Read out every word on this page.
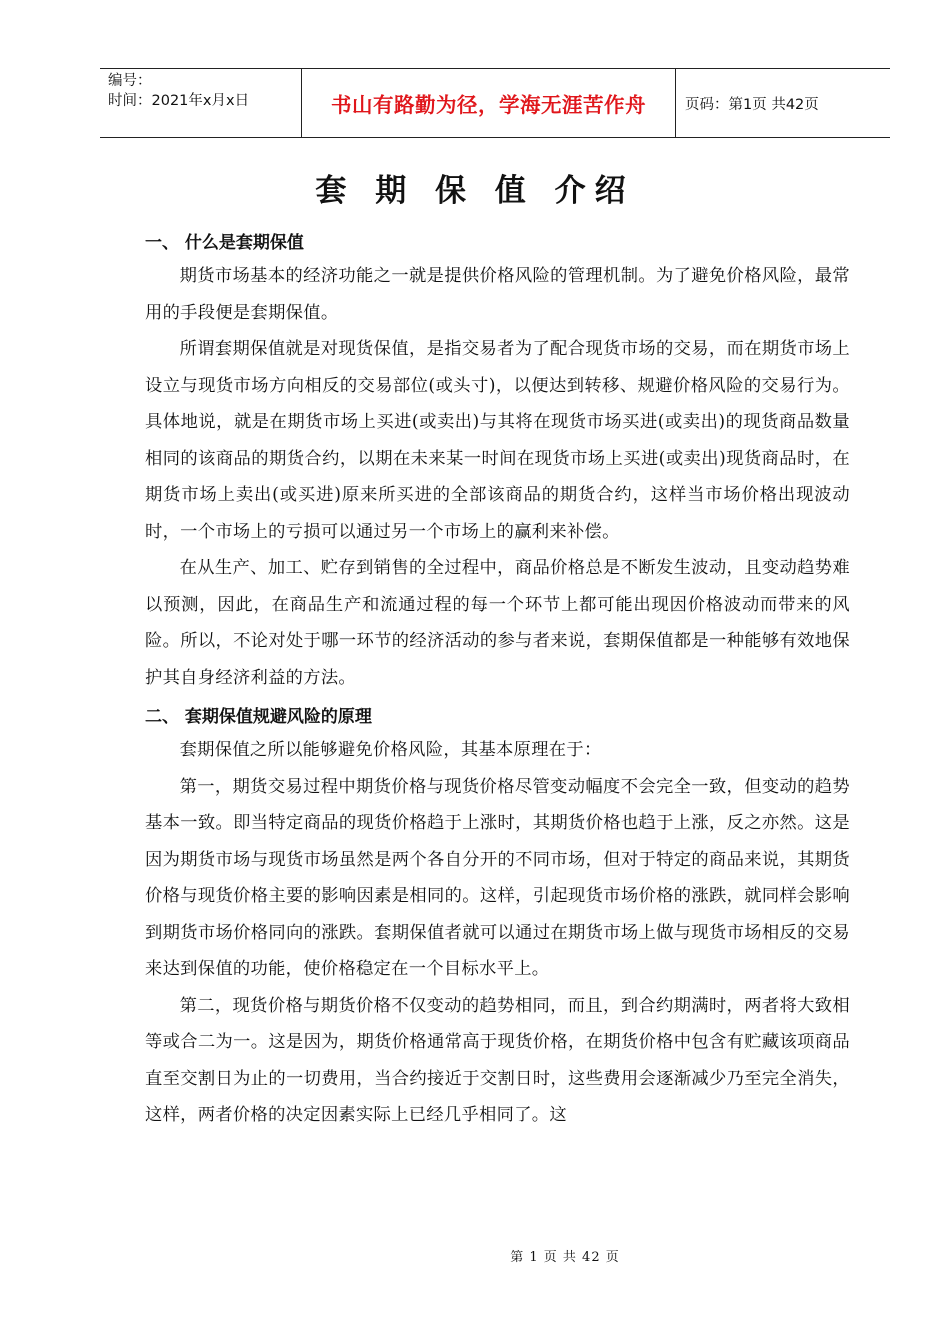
编号：
时间：2021年x月x日	书山有路勤为径，学海无涯苦作舟	页码：第1页 共42页
套 期 保 值 介绍

一、 什么是套期保值

期货市场基本的经济功能之一就是提供价格风险的管理机制。为了避免价格风险，最常用的手段便是套期保值。

所谓套期保值就是对现货保值，是指交易者为了配合现货市场的交易，而在期货市场上设立与现货市场方向相反的交易部位(或头寸)，以便达到转移、规避价格风险的交易行为。具体地说，就是在期货市场上买进(或卖出)与其将在现货市场买进(或卖出)的现货商品数量相同的该商品的期货合约，以期在未来某一时间在现货市场上买进(或卖出)现货商品时，在期货市场上卖出(或买进)原来所买进的全部该商品的期货合约，这样当市场价格出现波动时，一个市场上的亏损可以通过另一个市场上的赢利来补偿。

在从生产、加工、贮存到销售的全过程中，商品价格总是不断发生波动，且变动趋势难以预测，因此，在商品生产和流通过程的每一个环节上都可能出现因价格波动而带来的风险。所以，不论对处于哪一环节的经济活动的参与者来说，套期保值都是一种能够有效地保护其自身经济利益的方法。

二、 套期保值规避风险的原理

套期保值之所以能够避免价格风险，其基本原理在于：

第一，期货交易过程中期货价格与现货价格尽管变动幅度不会完全一致，但变动的趋势基本一致。即当特定商品的现货价格趋于上涨时，其期货价格也趋于上涨，反之亦然。这是因为期货市场与现货市场虽然是两个各自分开的不同市场，但对于特定的商品来说，其期货价格与现货价格主要的影响因素是相同的。这样，引起现货市场价格的涨跌，就同样会影响到期货市场价格同向的涨跌。套期保值者就可以通过在期货市场上做与现货市场相反的交易来达到保值的功能，使价格稳定在一个目标水平上。

第二，现货价格与期货价格不仅变动的趋势相同，而且，到合约期满时，两者将大致相等或合二为一。这是因为，期货价格通常高于现货价格，在期货价格中包含有贮藏该项商品直至交割日为止的一切费用，当合约接近于交割日时，这些费用会逐渐减少乃至完全消失，这样，两者价格的决定因素实际上已经几乎相同了。这

第 1 页 共 42 页
